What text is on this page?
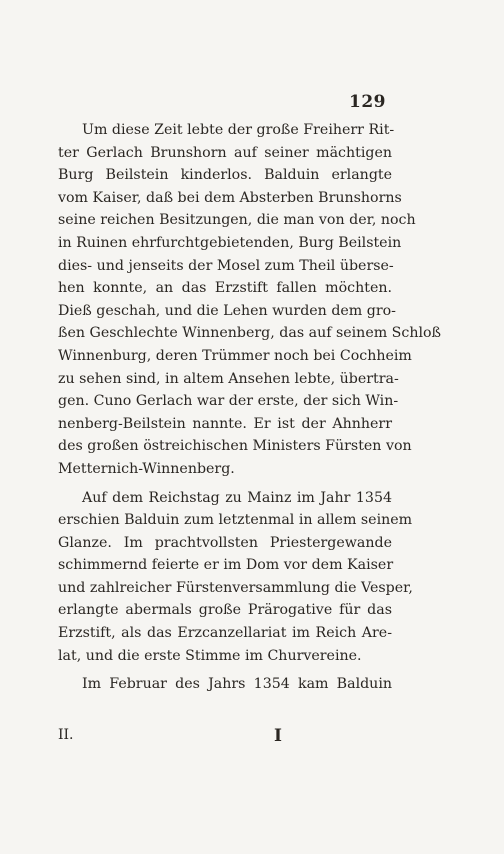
129
Um diese Zeit lebte der große Freiherr Rit-
ter Gerlach Brunshorn auf seiner mächtigen
Burg Beilstein kinderlos. Balduin erlangte
vom Kaiser, daß bei dem Absterben Brunshorns
seine reichen Besitzungen, die man von der, noch
in Ruinen ehrfurchtgebietenden, Burg Beilstein
dies- und jenseits der Mosel zum Theil überse-
hen konnte, an das Erzstift fallen möchten.
Dieß geschah, und die Lehen wurden dem gro-
ßen Geschlechte Winnenberg, das auf seinem Schloß
Winnenburg, deren Trümmer noch bei Cochheim
zu sehen sind, in altem Ansehen lebte, übertra-
gen. Cuno Gerlach war der erste, der sich Win-
nenberg-Beilstein nannte. Er ist der Ahnherr
des großen östreichischen Ministers Fürsten von
Metternich-Winnenberg.
Auf dem Reichstag zu Mainz im Jahr 1354
erschien Balduin zum letztenmal in allem seinem
Glanze. Im prachtvollsten Priestergewande
schimmernd feierte er im Dom vor dem Kaiser
und zahlreicher Fürstenversammlung die Vesper,
erlangte abermals große Prärogative für das
Erzstift, als das Erzcanzellariat im Reich Are-
lat, und die erste Stimme im Churvereine.
Im Februar des Jahrs 1354 kam Balduin
II.	I
